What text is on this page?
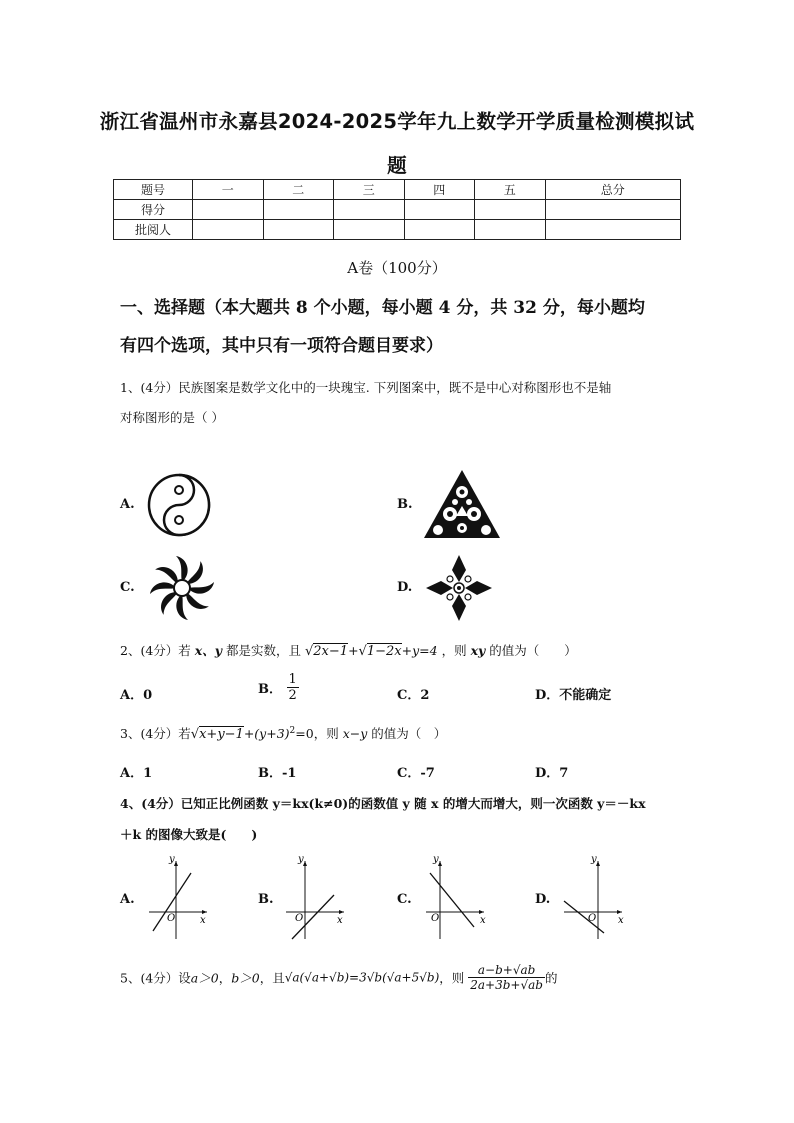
浙江省温州市永嘉县2024-2025学年九上数学开学质量检测模拟试
题
题号	一	二	三	四	五	总分
得分						
批阅人						
A卷（100分）
一、选择题（本大题共 8 个小题，每小题 4 分，共 32 分，每小题均
有四个选项，其中只有一项符合题目要求）
1、(4分）民族图案是数学文化中的一块瑰宝. 下列图案中，既不是中心对称图形也不是轴
对称图形的是（ ）
A.	B.
C.	D.
2、(4分）若 x、y 都是实数，且 √2x−1+√1−2x+y=4 ，则 xy 的值为（　　）
A．0	B． $\frac{1}{2}$	C．2	D．不能确定
3、(4分）若$√x+y-1+(y+3)^2=0$，则 x−y 的值为（　）
A．1	B．-1	C．-7	D．7
4、(4分）已知正比例函数 y＝kx(k≠0)的函数值 y 随 x 的增大而增大，则一次函数 y＝－kx
＋k 的图像大致是(　　)
A.
y
x
O
B.
y
x
O
C.
y
x
O
D.
y
x
O
5、(4分）设a＞0，b＞0，且√a(√a+√b)=3√b(√a+5√b)，则 $\frac{a-b+√ab}{2a+3b+√ab}$ 的
